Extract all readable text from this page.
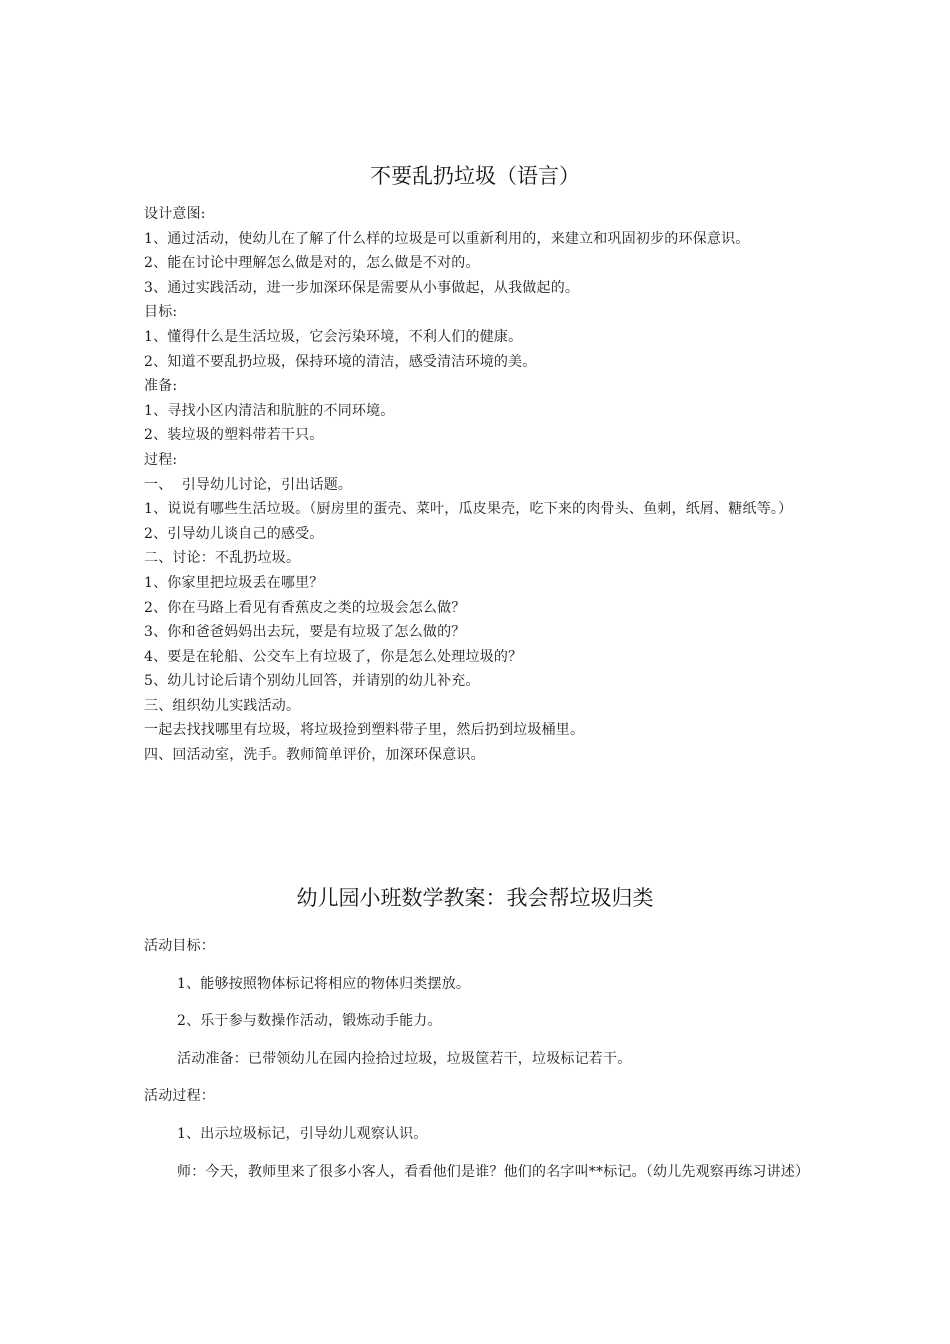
不要乱扔垃圾（语言）
设计意图:
1、通过活动，使幼儿在了解了什么样的垃圾是可以重新利用的，来建立和巩固初步的环保意识。
2、能在讨论中理解怎么做是对的，怎么做是不对的。
3、通过实践活动，进一步加深环保是需要从小事做起，从我做起的。
目标:
1、懂得什么是生活垃圾，它会污染环境，不利人们的健康。
2、知道不要乱扔垃圾，保持环境的清洁，感受清洁环境的美。
准备:
1、寻找小区内清洁和肮脏的不同环境。
2、装垃圾的塑料带若干只。
过程:
一、  引导幼儿讨论，引出话题。
1、说说有哪些生活垃圾。（厨房里的蛋壳、菜叶，瓜皮果壳，吃下来的肉骨头、鱼刺，纸屑、糖纸等。）
2、引导幼儿谈自己的感受。
二、讨论：不乱扔垃圾。
1、你家里把垃圾丢在哪里？
2、你在马路上看见有香蕉皮之类的垃圾会怎么做？
3、你和爸爸妈妈出去玩，要是有垃圾了怎么做的？
4、要是在轮船、公交车上有垃圾了，你是怎么处理垃圾的？
5、幼儿讨论后请个别幼儿回答，并请别的幼儿补充。
三、组织幼儿实践活动。
一起去找找哪里有垃圾，将垃圾捡到塑料带子里，然后扔到垃圾桶里。
四、回活动室，洗手。教师简单评价，加深环保意识。
幼儿园小班数学教案：我会帮垃圾归类
活动目标：
1、能够按照物体标记将相应的物体归类摆放。
2、乐于参与数操作活动，锻炼动手能力。
活动准备：已带领幼儿在园内捡拾过垃圾，垃圾筐若干，垃圾标记若干。
活动过程：
1、出示垃圾标记，引导幼儿观察认识。
师：今天，教师里来了很多小客人，看看他们是谁？他们的名字叫**标记。（幼儿先观察再练习讲述）
